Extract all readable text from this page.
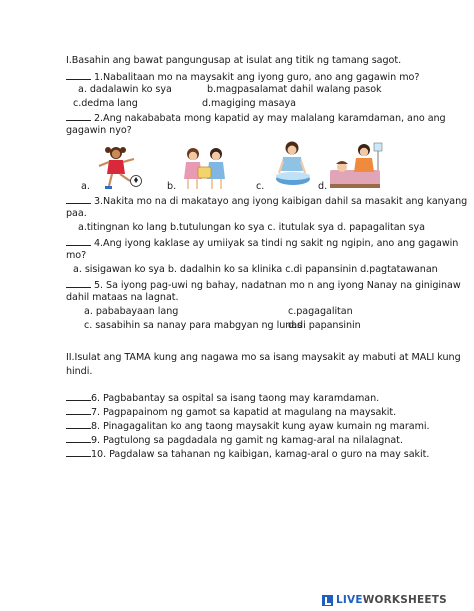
I.Basahin ang bawat pangungusap at isulat ang titik ng tamang sagot.
1.Nabalitaan mo na maysakit ang iyong guro, ano ang gagawin mo?
a. dadalawin ko sya	b.magpasalamat dahil walang pasok
c.dedma lang	d.magiging masaya
2.Ang nakababata mong kapatid ay may malalang karamdaman, ano ang
gagawin nyo?
a.	b.	c.	d.
3.Nakita mo na di makatayo ang iyong kaibigan dahil sa masakit ang kanyang
paa.
a.titingnan ko lang b.tutulungan ko sya c. itutulak sya d. papagalitan sya
4.Ang iyong kaklase ay umiiyak sa tindi ng sakit ng ngipin, ano ang gagawin
mo?
a. sisigawan ko sya b. dadalhin ko sa klinika c.di papansinin d.pagtatawanan
5. Sa iyong pag-uwi ng bahay, nadatnan mo n ang iyong Nanay na giniginaw
dahil mataas na lagnat.
a. pababayaan lang	c.pagagalitan
c. sasabihin sa nanay para mabgyan ng lunas
d.di papansinin
II.Isulat ang TAMA kung ang nagawa mo sa isang maysakit ay mabuti at MALI kung
hindi.
6. Pagbabantay sa ospital sa isang taong may karamdaman.
7. Pagpapainom ng gamot sa kapatid at magulang na maysakit.
8. Pinagagalitan ko ang taong maysakit kung ayaw kumain ng marami.
9. Pagtulong sa pagdadala ng gamit ng kamag-aral na nilalagnat.
10. Pagdalaw sa tahanan ng kaibigan, kamag-aral o guro na may sakit.
LIVE WORKSHEETS
